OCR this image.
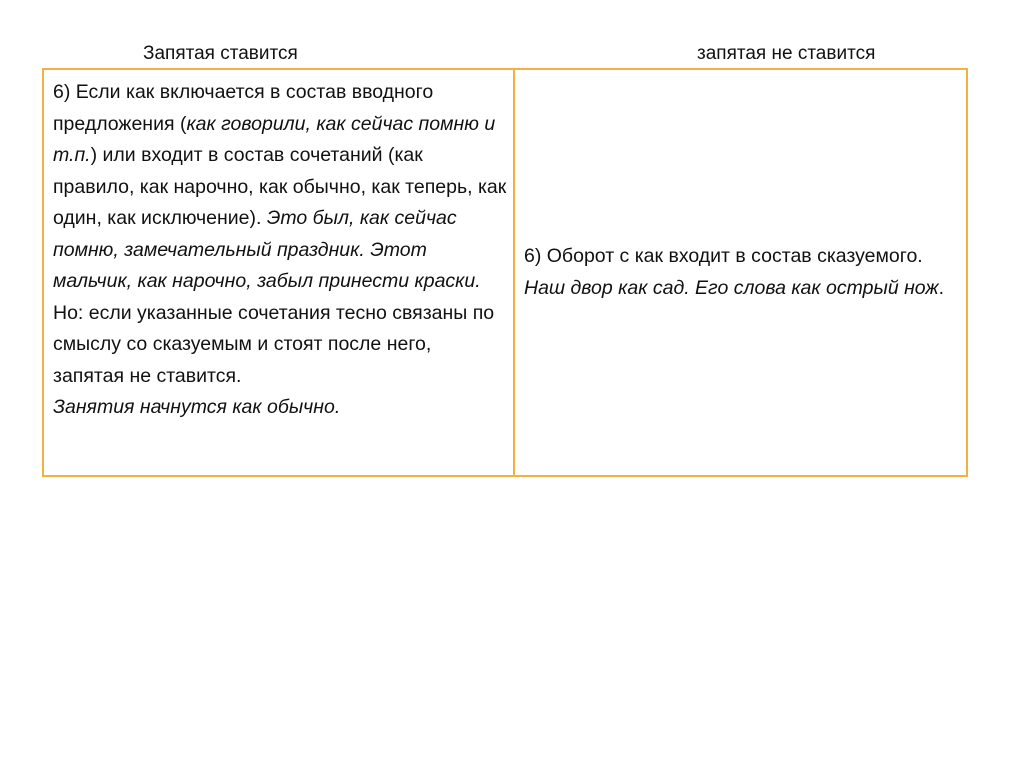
Запятая ставится	запятая не ставится

6) Если как включается в состав вводного предложения (как говорили, как сейчас помню и т.п.) или входит в состав сочетаний (как правило, как нарочно, как обычно, как теперь, как один, как исключение). Это был, как сейчас помню, замечательный праздник. Этот мальчик, как нарочно, забыл принести краски.

Но: если указанные сочетания тесно связаны по смыслу со сказуемым и стоят после него, запятая не ставится.

Занятия начнутся как обычно.

6) Оборот с как входит в состав сказуемого. Наш двор как сад. Его слова как острый нож.
